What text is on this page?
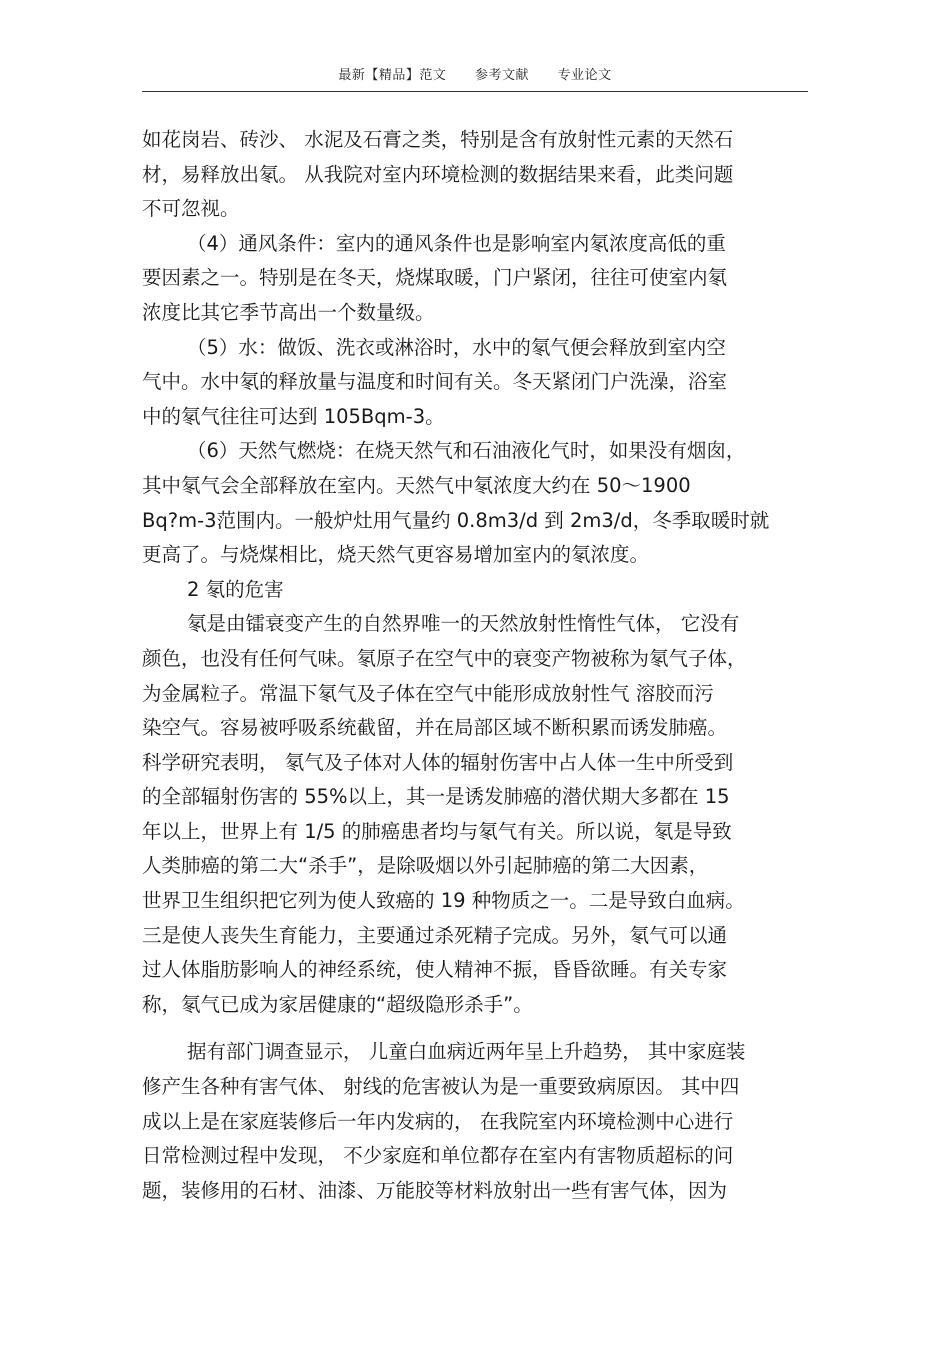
最新【精品】范文 参考文献 专业论文
如花岗岩、砖沙、 水泥及石膏之类，特别是含有放射性元素的天然石
材，易释放出氡。 从我院对室内环境检测的数据结果来看，此类问题
不可忽视。
（4）通风条件：室内的通风条件也是影响室内氡浓度高低的重
要因素之一。特别是在冬天，烧煤取暖，门户紧闭，往往可使室内氡
浓度比其它季节高出一个数量级。
（5）水：做饭、洗衣或淋浴时，水中的氡气便会释放到室内空
气中。水中氡的释放量与温度和时间有关。冬天紧闭门户洗澡，浴室
中的氡气往往可达到 105Bqm-3。
（6）天然气燃烧：在烧天然气和石油液化气时，如果没有烟囱，
其中氡气会全部释放在室内。天然气中氡浓度大约在 50～1900
Bq?m-3范围内。一般炉灶用气量约 0.8m3/d 到 2m3/d，冬季取暖时就
更高了。与烧煤相比，烧天然气更容易增加室内的氡浓度。
2 氡的危害
氡是由镭衰变产生的自然界唯一的天然放射性惰性气体， 它没有
颜色，也没有任何气味。氡原子在空气中的衰变产物被称为氡气子体，
为金属粒子。常温下氡气及子体在空气中能形成放射性气 溶胶而污
染空气。容易被呼吸系统截留，并在局部区域不断积累而诱发肺癌。
科学研究表明， 氡气及子体对人体的辐射伤害中占人体一生中所受到
的全部辐射伤害的 55%以上，其一是诱发肺癌的潜伏期大多都在 15
年以上，世界上有 1/5 的肺癌患者均与氡气有关。所以说，氡是导致
人类肺癌的第二大“杀手”，是除吸烟以外引起肺癌的第二大因素，
世界卫生组织把它列为使人致癌的 19 种物质之一。二是导致白血病。
三是使人丧失生育能力，主要通过杀死精子完成。另外，氡气可以通
过人体脂肪影响人的神经系统，使人精神不振，昏昏欲睡。有关专家
称，氡气已成为家居健康的“超级隐形杀手”。
据有部门调查显示， 儿童白血病近两年呈上升趋势， 其中家庭装
修产生各种有害气体、 射线的危害被认为是一重要致病原因。 其中四
成以上是在家庭装修后一年内发病的， 在我院室内环境检测中心进行
日常检测过程中发现， 不少家庭和单位都存在室内有害物质超标的问
题，装修用的石材、油漆、万能胶等材料放射出一些有害气体，因为
